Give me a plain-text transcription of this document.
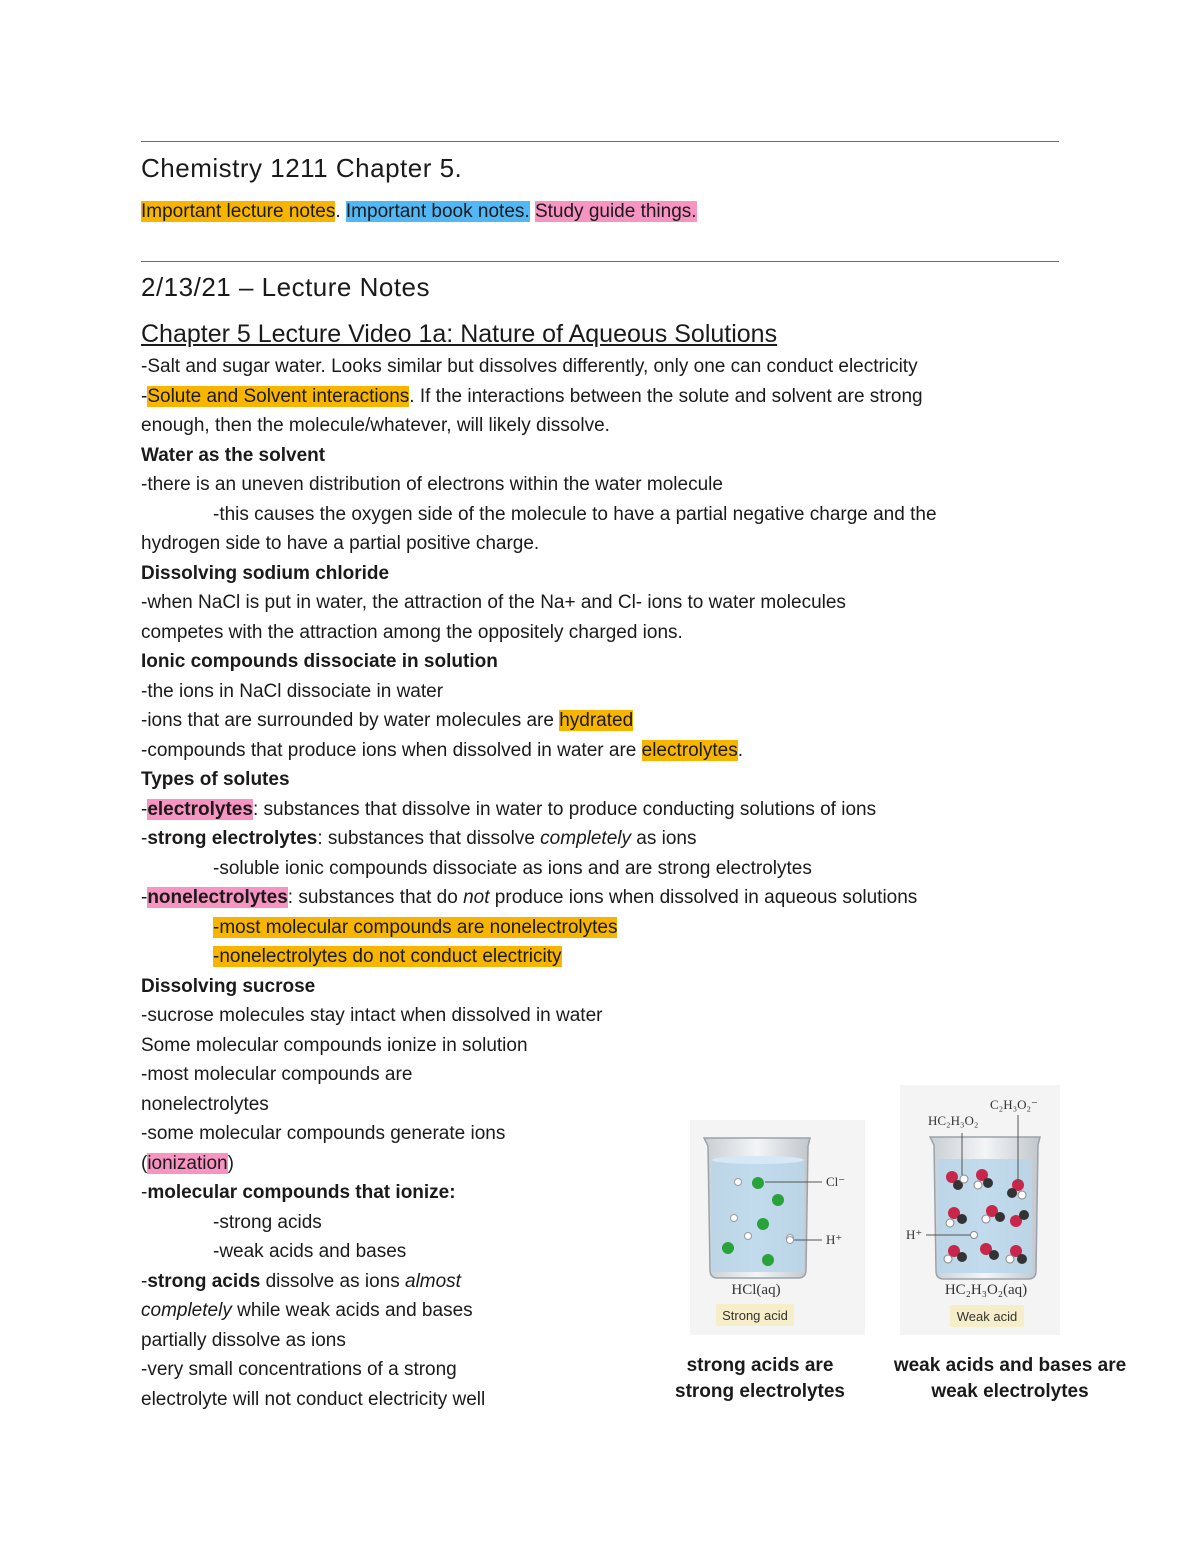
Chemistry 1211 Chapter 5.
Important lecture notes. Important book notes. Study guide things.
2/13/21 – Lecture Notes
Chapter 5 Lecture Video 1a: Nature of Aqueous Solutions
-Salt and sugar water. Looks similar but dissolves differently, only one can conduct electricity
-Solute and Solvent interactions. If the interactions between the solute and solvent are strong
enough, then the molecule/whatever, will likely dissolve.
Water as the solvent
-there is an uneven distribution of electrons within the water molecule
-this causes the oxygen side of the molecule to have a partial negative charge and the
hydrogen side to have a partial positive charge.
Dissolving sodium chloride
-when NaCl is put in water, the attraction of the Na+ and Cl- ions to water molecules
competes with the attraction among the oppositely charged ions.
Ionic compounds dissociate in solution
-the ions in NaCl dissociate in water
-ions that are surrounded by water molecules are hydrated
-compounds that produce ions when dissolved in water are electrolytes.
Types of solutes
-electrolytes: substances that dissolve in water to produce conducting solutions of ions
-strong electrolytes: substances that dissolve completely as ions
-soluble ionic compounds dissociate as ions and are strong electrolytes
-nonelectrolytes: substances that do not produce ions when dissolved in aqueous solutions
-most molecular compounds are nonelectrolytes
-nonelectrolytes do not conduct electricity
Dissolving sucrose
-sucrose molecules stay intact when dissolved in water
Some molecular compounds ionize in solution
-most molecular compounds are
nonelectrolytes
-some molecular compounds generate ions
(ionization)
-molecular compounds that ionize:
-strong acids
-weak acids and bases
-strong acids dissolve as ions almost
completely while weak acids and bases
partially dissolve as ions
-very small concentrations of a strong
electrolyte will not conduct electricity well
Cl⁻
H⁺
HCl(aq)
Strong acid
C₂H₃O₂⁻
HC₂H₃O₂
H⁺
HC₂H₃O₂(aq)
Weak acid
strong acids are
strong electrolytes
weak acids and bases are
weak electrolytes
